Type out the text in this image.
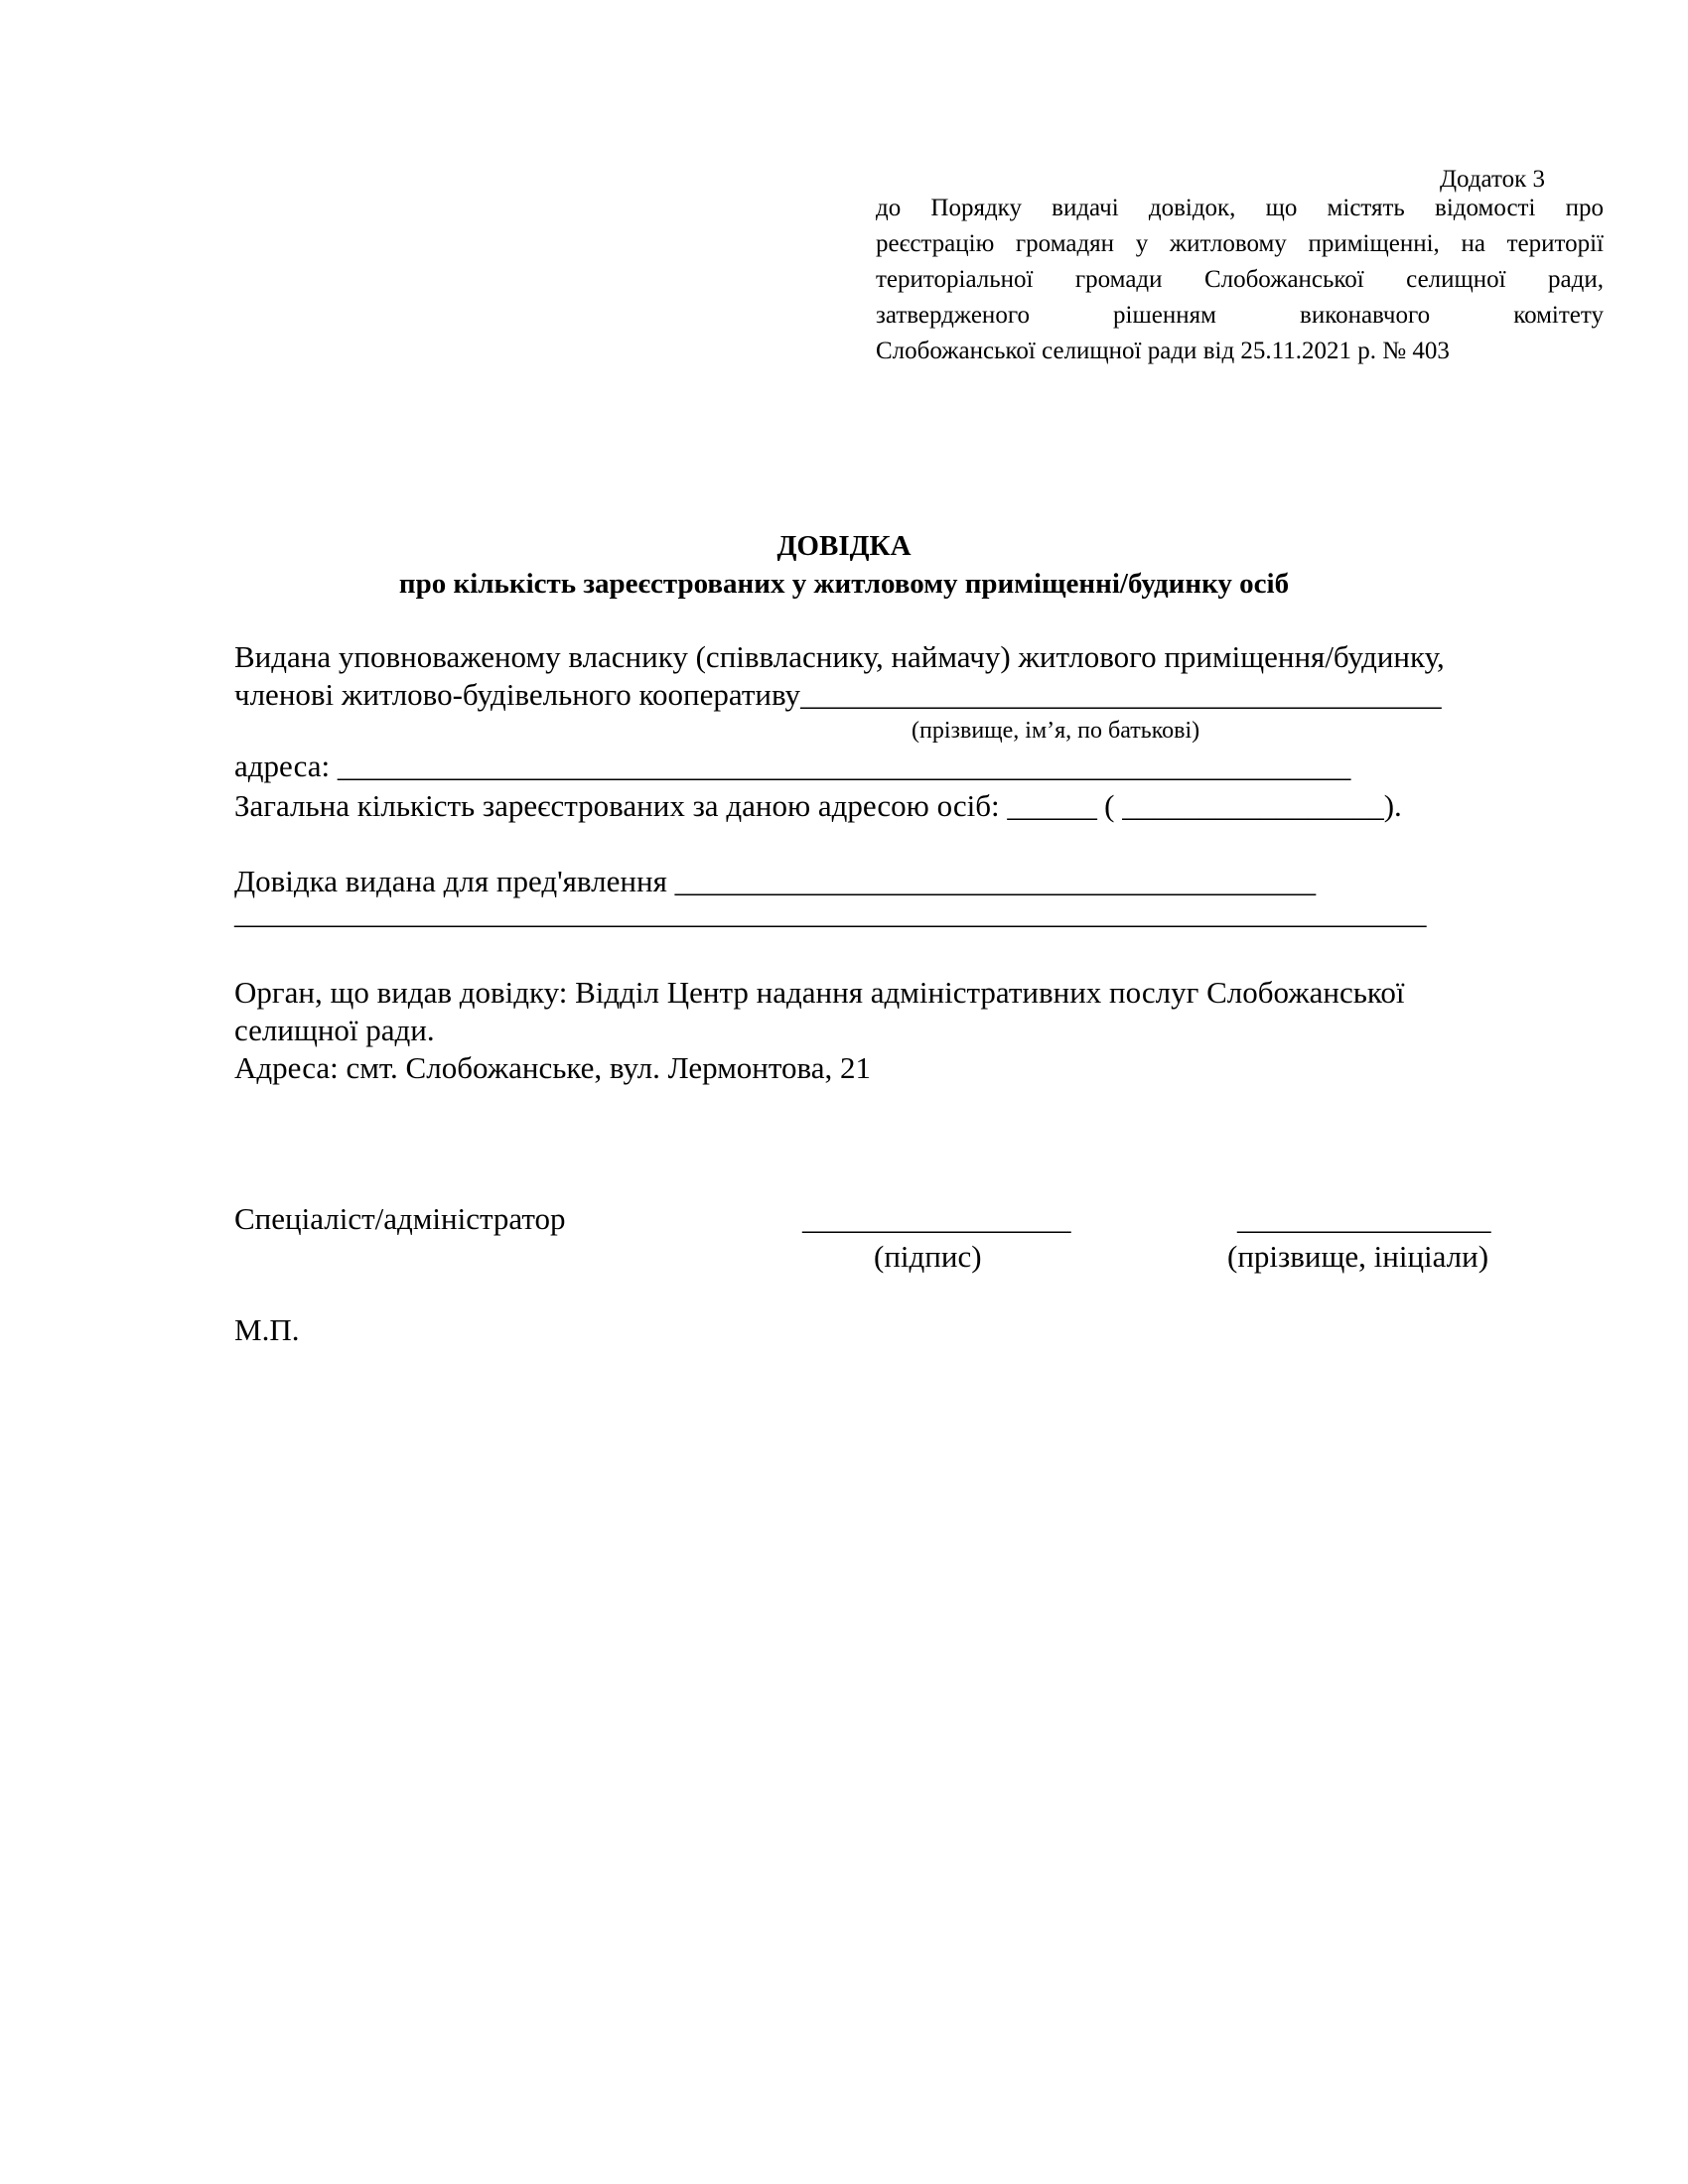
Додаток 3
до Порядку видачі довідок, що містять відомості про
реєстрацію громадян у житловому приміщенні, на території
територіальної громади Слобожанської селищної ради,
затвердженого рішенням виконавчого комітету
Слобожанської селищної ради від 25.11.2021 р. № 403
ДОВІДКА
про кількість зареєстрованих у житловому приміщенні/будинку осіб
Видана уповноваженому власнику (співвласнику, наймачу) житлового приміщення/будинку,
членові житлово-будівельного кооперативу___________________________________________
(прізвище, ім’я, по батькові)
адреса: ____________________________________________________________________
Загальна кількість зареєстрованих за даною адресою осіб: ______ ( _________________).
Довідка видана для пред'явлення ___________________________________________
________________________________________________________________________________
Орган, що видав довідку: Відділ Центр надання адміністративних послуг Слобожанської
селищної ради.
Адреса: смт. Слобожанське, вул. Лермонтова, 21
Спеціаліст/адміністратор	__________________	_________________
(підпис)	(прізвище, ініціали)
М.П.
